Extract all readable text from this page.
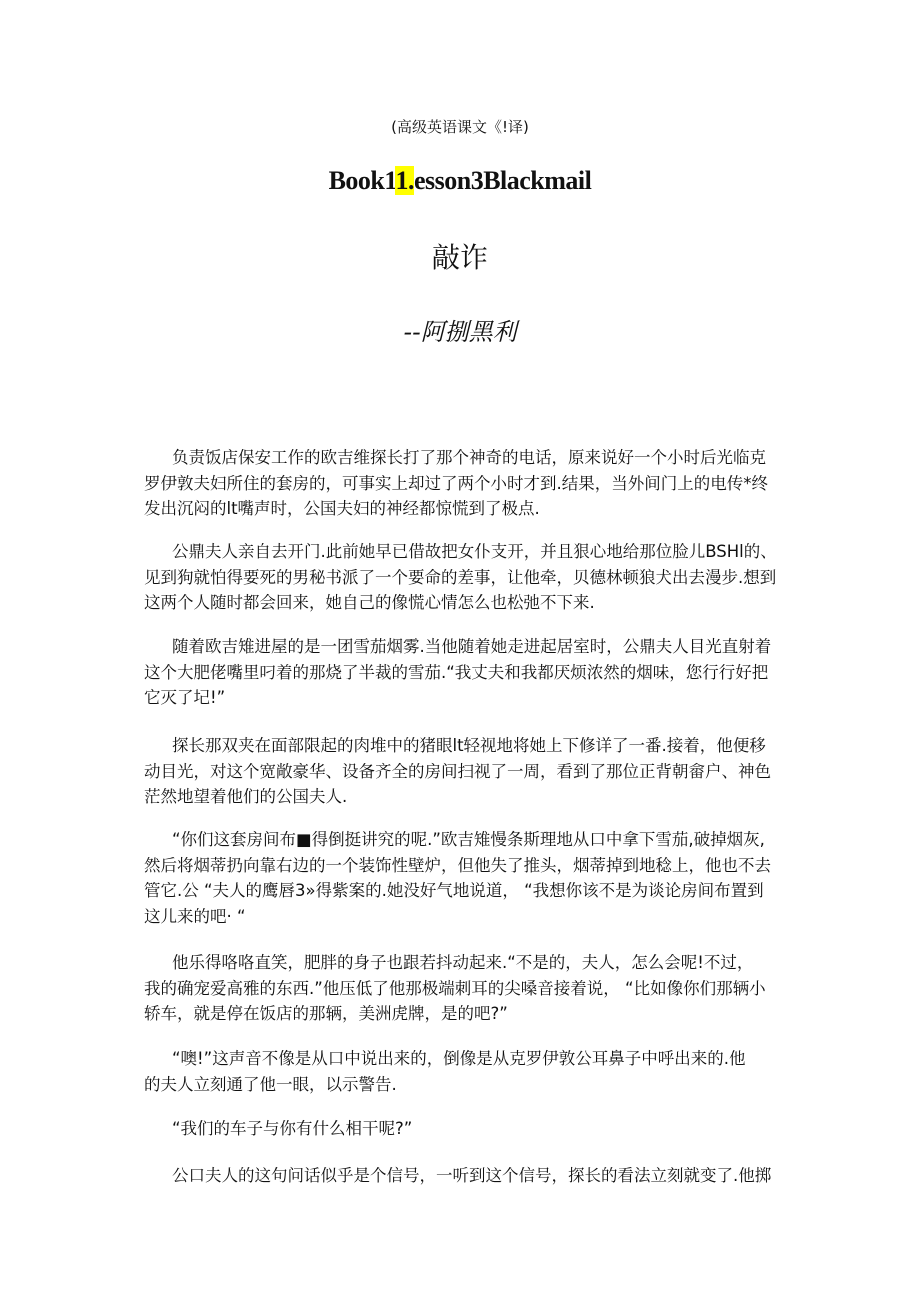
(高级英语课文《!译)
Book11.esson3Blackmail
敲诈
--阿捌黑利

负责饭店保安工作的欧吉维探长打了那个神奇的电话，原来说好一个小时后光临克
罗伊敦夫妇所住的套房的，可事实上却过了两个小时才到.结果，当外间门上的电传*终
发出沉闷的lt嘴声时，公国夫妇的神经都惊慌到了极点.

公鼎夫人亲自去开门.此前她早已借故把女仆支开，并且狠心地给那位脸儿BSHl的、
见到狗就怕得要死的男秘书派了一个要命的差事，让他牵，贝德林顿狼犬出去漫步.想到
这两个人随时都会回来，她自己的像慌心情怎么也松弛不下来.

随着欧吉雉进屋的是一团雪茄烟雾.当他随着她走进起居室时，公鼎夫人目光直射着
这个大肥佬嘴里叼着的那烧了半裁的雪茄.“我丈夫和我都厌烦浓然的烟味，您行行好把
它灭了圮!”

探长那双夹在面部限起的肉堆中的猪眼lt轻视地将她上下修详了一番.接着，他便移
动目光，对这个宽敞豪华、设备齐全的房间扫视了一周，看到了那位正背朝畲户、神色
茫然地望着他们的公国夫人.

“你们这套房间布■得倒挺讲究的呢.”欧吉雉慢条斯理地从口中拿下雪茄,破掉烟灰,
然后将烟蒂扔向靠右边的一个装饰性壁炉，但他失了推头，烟蒂掉到地稔上，他也不去
管它.公 “夫人的鹰唇3»得紫案的.她没好气地说道， “我想你该不是为谈论房间布置到
这儿来的吧· “

他乐得咯咯直笑，肥胖的身子也跟若抖动起来.“不是的，夫人，怎么会呢!不过，
我的确宠爱高雅的东西.”他压低了他那极端刺耳的尖嗓音接着说， “比如像你们那辆小
轿车，就是停在饭店的那辆，美洲虎牌，是的吧?”

“噢!”这声音不像是从口中说出来的，倒像是从克罗伊敦公耳鼻子中呼出来的.他
的夫人立刻通了他一眼，以示警告.

“我们的车子与你有什么相干呢?”

公口夫人的这句问话似乎是个信号，一听到这个信号，探长的看法立刻就变了.他掷
